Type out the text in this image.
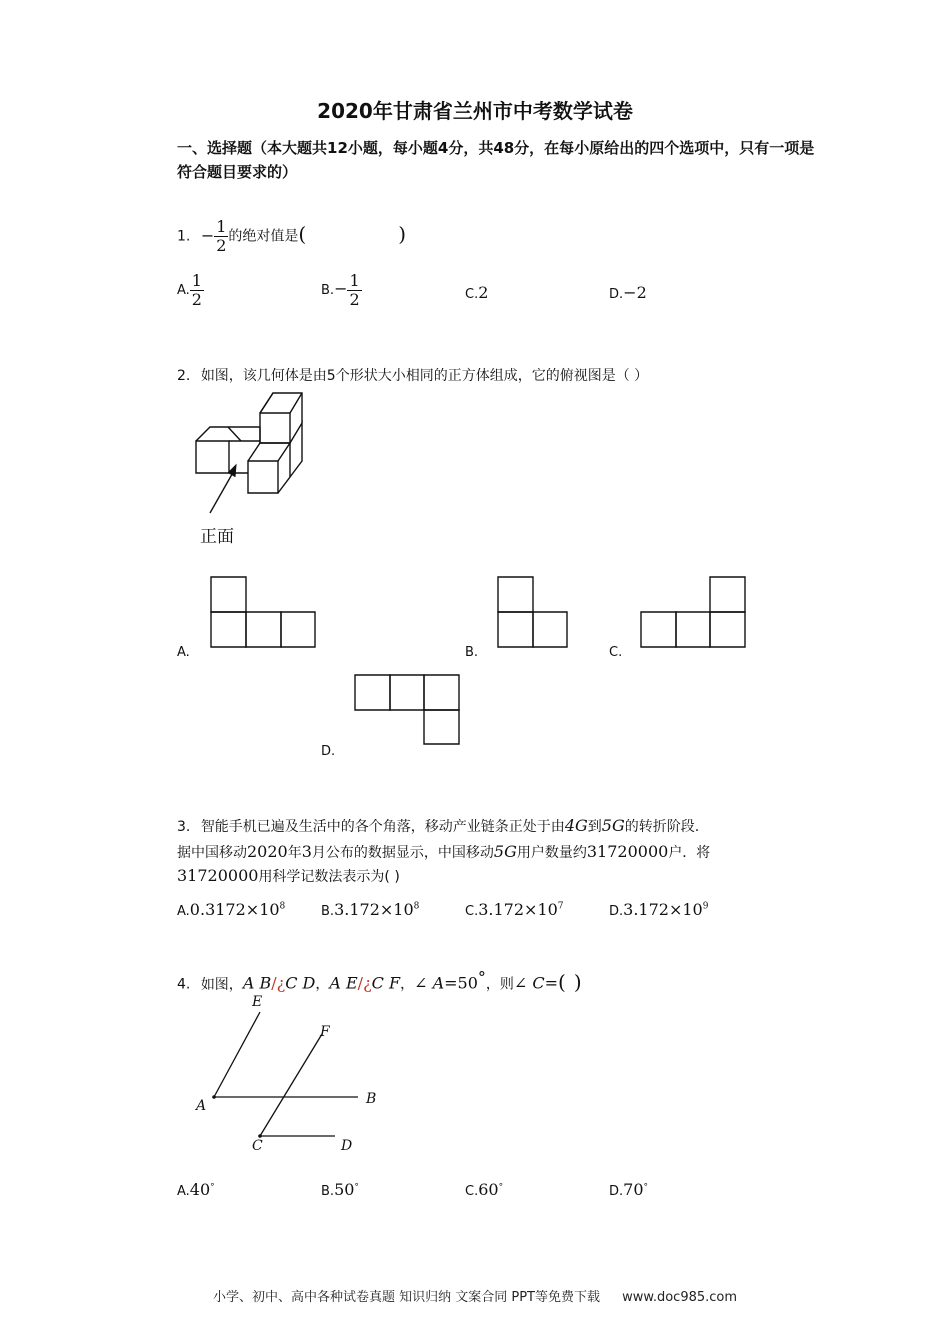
2020年甘肃省兰州市中考数学试卷
一、选择题（本大题共12小题，每小题4分，共48分，在每小原给出的四个选项中，只有一项是符合题目要求的）
1. − $\frac{1}{2}$ 的绝对值是(	)
A. $\frac{1}{2}$	$B.- \frac{1}{2}$	C.2	D.−2
2. 如图，该几何体是由5个形状大小相同的正方体组成，它的俯视图是（ ）
正面
A.	B.	C.
D.
3. 智能手机已遍及生活中的各个角落，移动产业链条正处于由4G到5G的转折阶段.
据中国移动2020年3月公布的数据显示，中国移动5G用户数量约31720000户．将
31720000用科学记数法表示为( )
$A.0.3172\times 10^8$	$B.3.172\times 10^8$	$C.3.172\times 10^7$	$D.3.172\times 10^9$
4. 如图，A B/¿C D，A E/¿C F，∠ A=50°，则∠ C=( )
E
F
A	B
C	D
A.40°	B.50°	C.60°	D.70°
小学、初中、高中各种试卷真题 知识归纳 文案合同 PPT等免费下载 www.doc985.com
